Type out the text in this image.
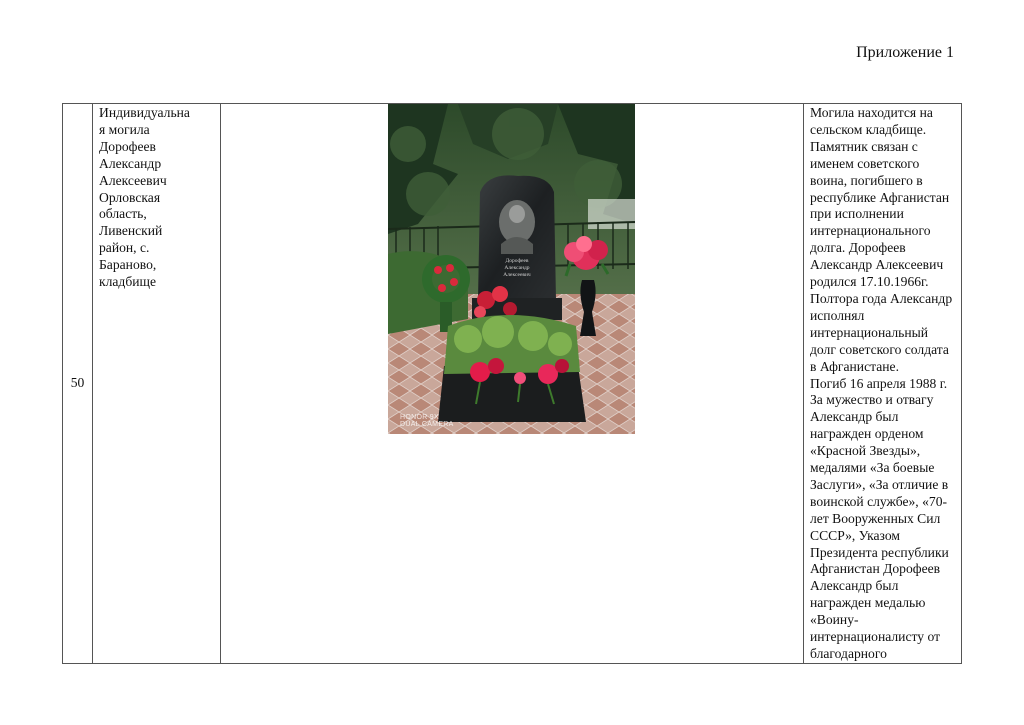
Приложение 1
50	Индивидуальна
я могила
Дорофеев
Александр
Алексеевич
Орловская
область,
Ливенский
район, с.
Бараново,
кладбище	
Дорофеев
Александр
Алексеевич
HONOR 9X
DUAL CAMERA
	Могила находится на
сельском кладбище.
Памятник связан с
именем советского
воина, погибшего в
республике Афганистан
при исполнении
интернационального
долга. Дорофеев
Александр Алексеевич
родился 17.10.1966г.
Полтора года Александр
исполнял
интернациональный
долг советского солдата
в Афганистане.
Погиб 16 апреля 1988 г.
За мужество и отвагу
Александр был
награжден орденом
«Красной Звезды»,
медалями «За боевые
Заслуги», «За отличие в
воинской службе», «70-
лет Вооруженных Сил
СССР», Указом
Президента республики
Афганистан Дорофеев
Александр был
награжден медалью
«Воину-
интернационалисту от
благодарного
